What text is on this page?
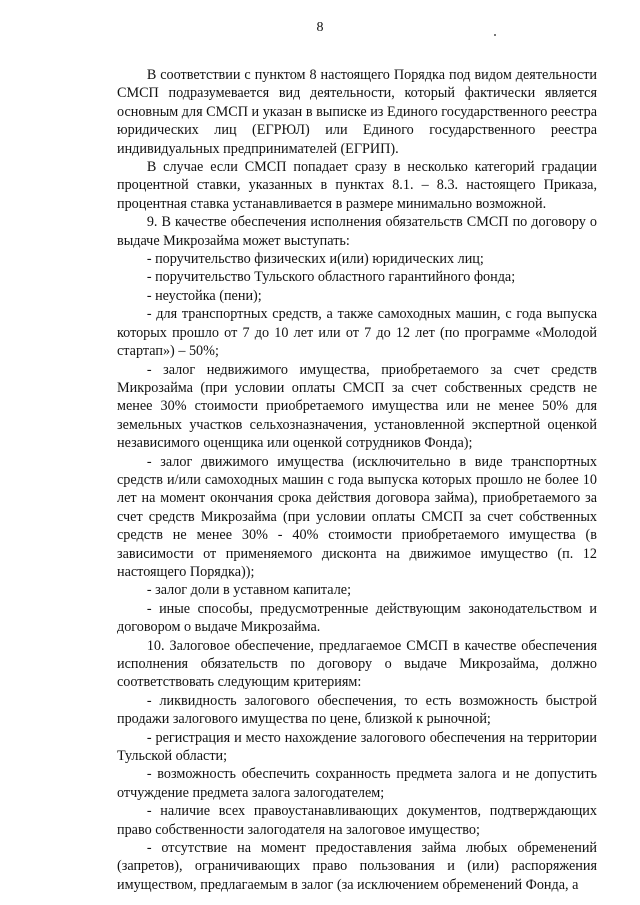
8

В соответствии с пунктом 8 настоящего Порядка под видом деятельности СМСП подразумевается вид деятельности, который фактически является основным для СМСП и указан в выписке из Единого государственного реестра юридических лиц (ЕГРЮЛ) или Единого государственного реестра индивидуальных предпринимателей (ЕГРИП).

В случае если СМСП попадает сразу в несколько категорий градации процентной ставки, указанных в пунктах 8.1. – 8.3. настоящего Приказа, процентная ставка устанавливается в размере минимально возможной.

9. В качестве обеспечения исполнения обязательств СМСП по договору о выдаче Микрозайма может выступать:

- поручительство физических и(или) юридических лиц;

- поручительство Тульского областного гарантийного фонда;

- неустойка (пени);

- для транспортных средств, а также самоходных машин, с года выпуска которых прошло от 7 до 10 лет или от 7 до 12 лет (по программе «Молодой стартап») – 50%;

- залог недвижимого имущества, приобретаемого за счет средств Микрозайма (при условии оплаты СМСП за счет собственных средств не менее 30% стоимости приобретаемого имущества или не менее 50% для земельных участков сельхозназначения, установленной экспертной оценкой независимого оценщика или оценкой сотрудников Фонда);

- залог движимого имущества (исключительно в виде транспортных средств и/или самоходных машин с года выпуска которых прошло не более 10 лет на момент окончания срока действия договора займа), приобретаемого за счет средств Микрозайма (при условии оплаты СМСП за счет собственных средств не менее 30% - 40% стоимости приобретаемого имущества (в зависимости от применяемого дисконта на движимое имущество (п. 12 настоящего Порядка));

- залог доли в уставном капитале;

- иные способы, предусмотренные действующим законодательством и договором о выдаче Микрозайма.

10. Залоговое обеспечение, предлагаемое СМСП в качестве обеспечения исполнения обязательств по договору о выдаче Микрозайма, должно соответствовать следующим критериям:

- ликвидность залогового обеспечения, то есть возможность быстрой продажи залогового имущества по цене, близкой к рыночной;

- регистрация и место нахождение залогового обеспечения на территории Тульской области;

- возможность обеспечить сохранность предмета залога и не допустить отчуждение предмета залога залогодателем;

- наличие всех правоустанавливающих документов, подтверждающих право собственности залогодателя на залоговое имущество;

- отсутствие на момент предоставления займа любых обременений (запретов), ограничивающих право пользования и (или) распоряжения имуществом, предлагаемым в залог (за исключением обременений Фонда, а
